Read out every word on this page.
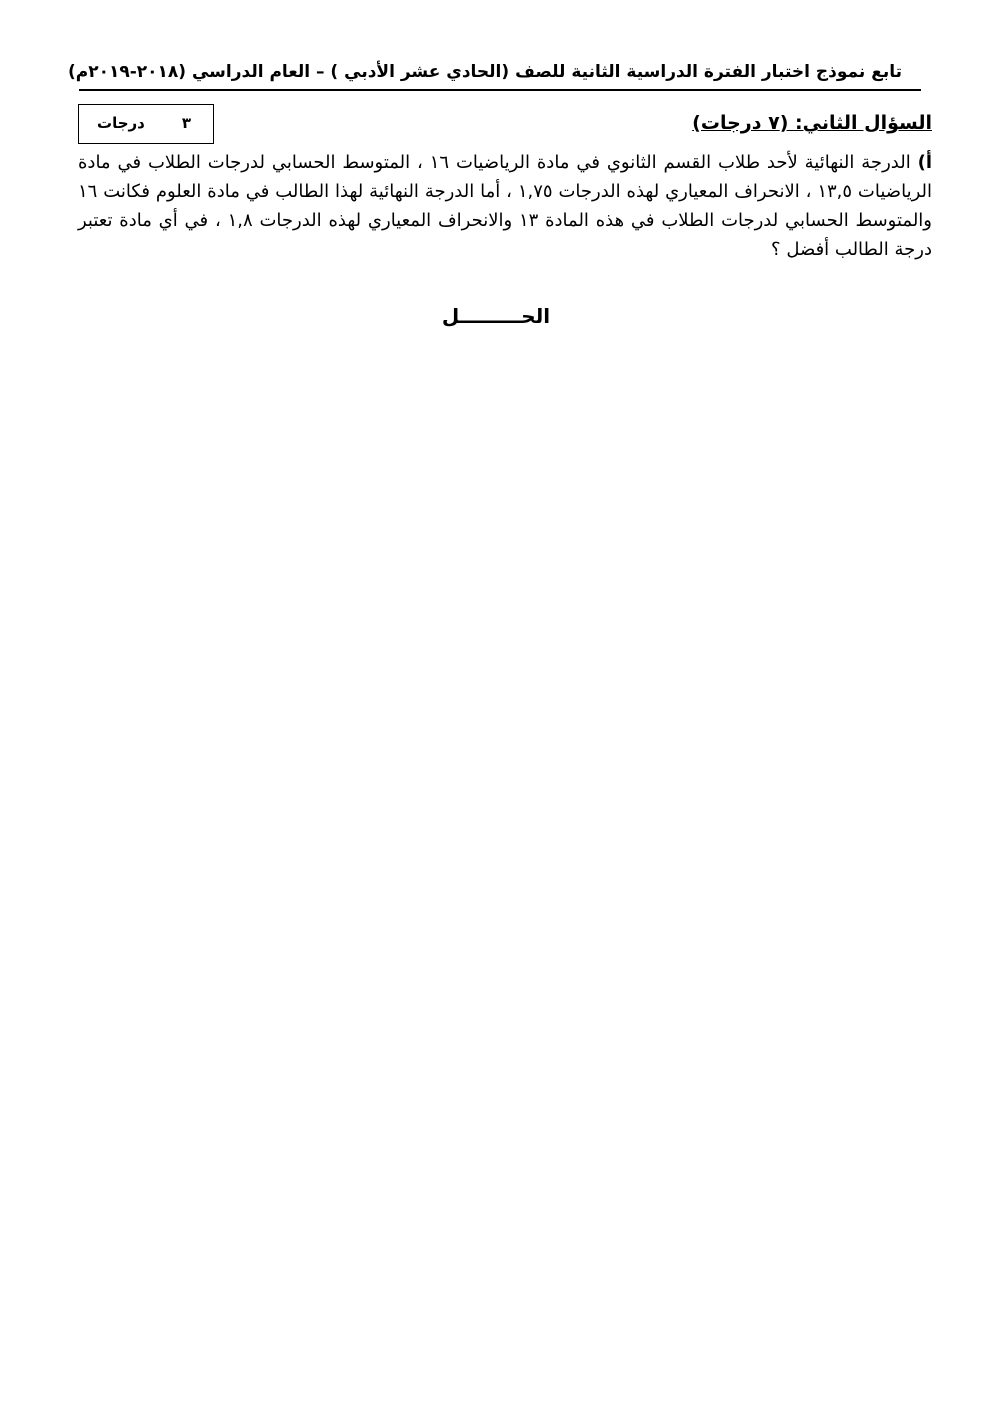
تابع نموذج اختبار الفترة الدراسية الثانية للصف (الحادي عشر الأدبي ) – العام الدراسي (٢٠١٨-٢٠١٩م)
٣
درجات	السؤال الثاني: (٧ درجات)
أ) الدرجة النهائية لأحد طلاب القسم الثانوي في مادة الرياضيات ١٦ ، المتوسط الحسابي لدرجات الطلاب في مادة الرياضيات ١٣,٥ ، الانحراف المعياري لهذه الدرجات ١,٧٥ ، أما الدرجة النهائية لهذا الطالب في مادة العلوم فكانت ١٦ والمتوسط الحسابي لدرجات الطلاب في هذه المادة ١٣ والانحراف المعياري لهذه الدرجات ١,٨ ، في أي مادة تعتبر درجة الطالب أفضل ؟
الحـــــــــل
